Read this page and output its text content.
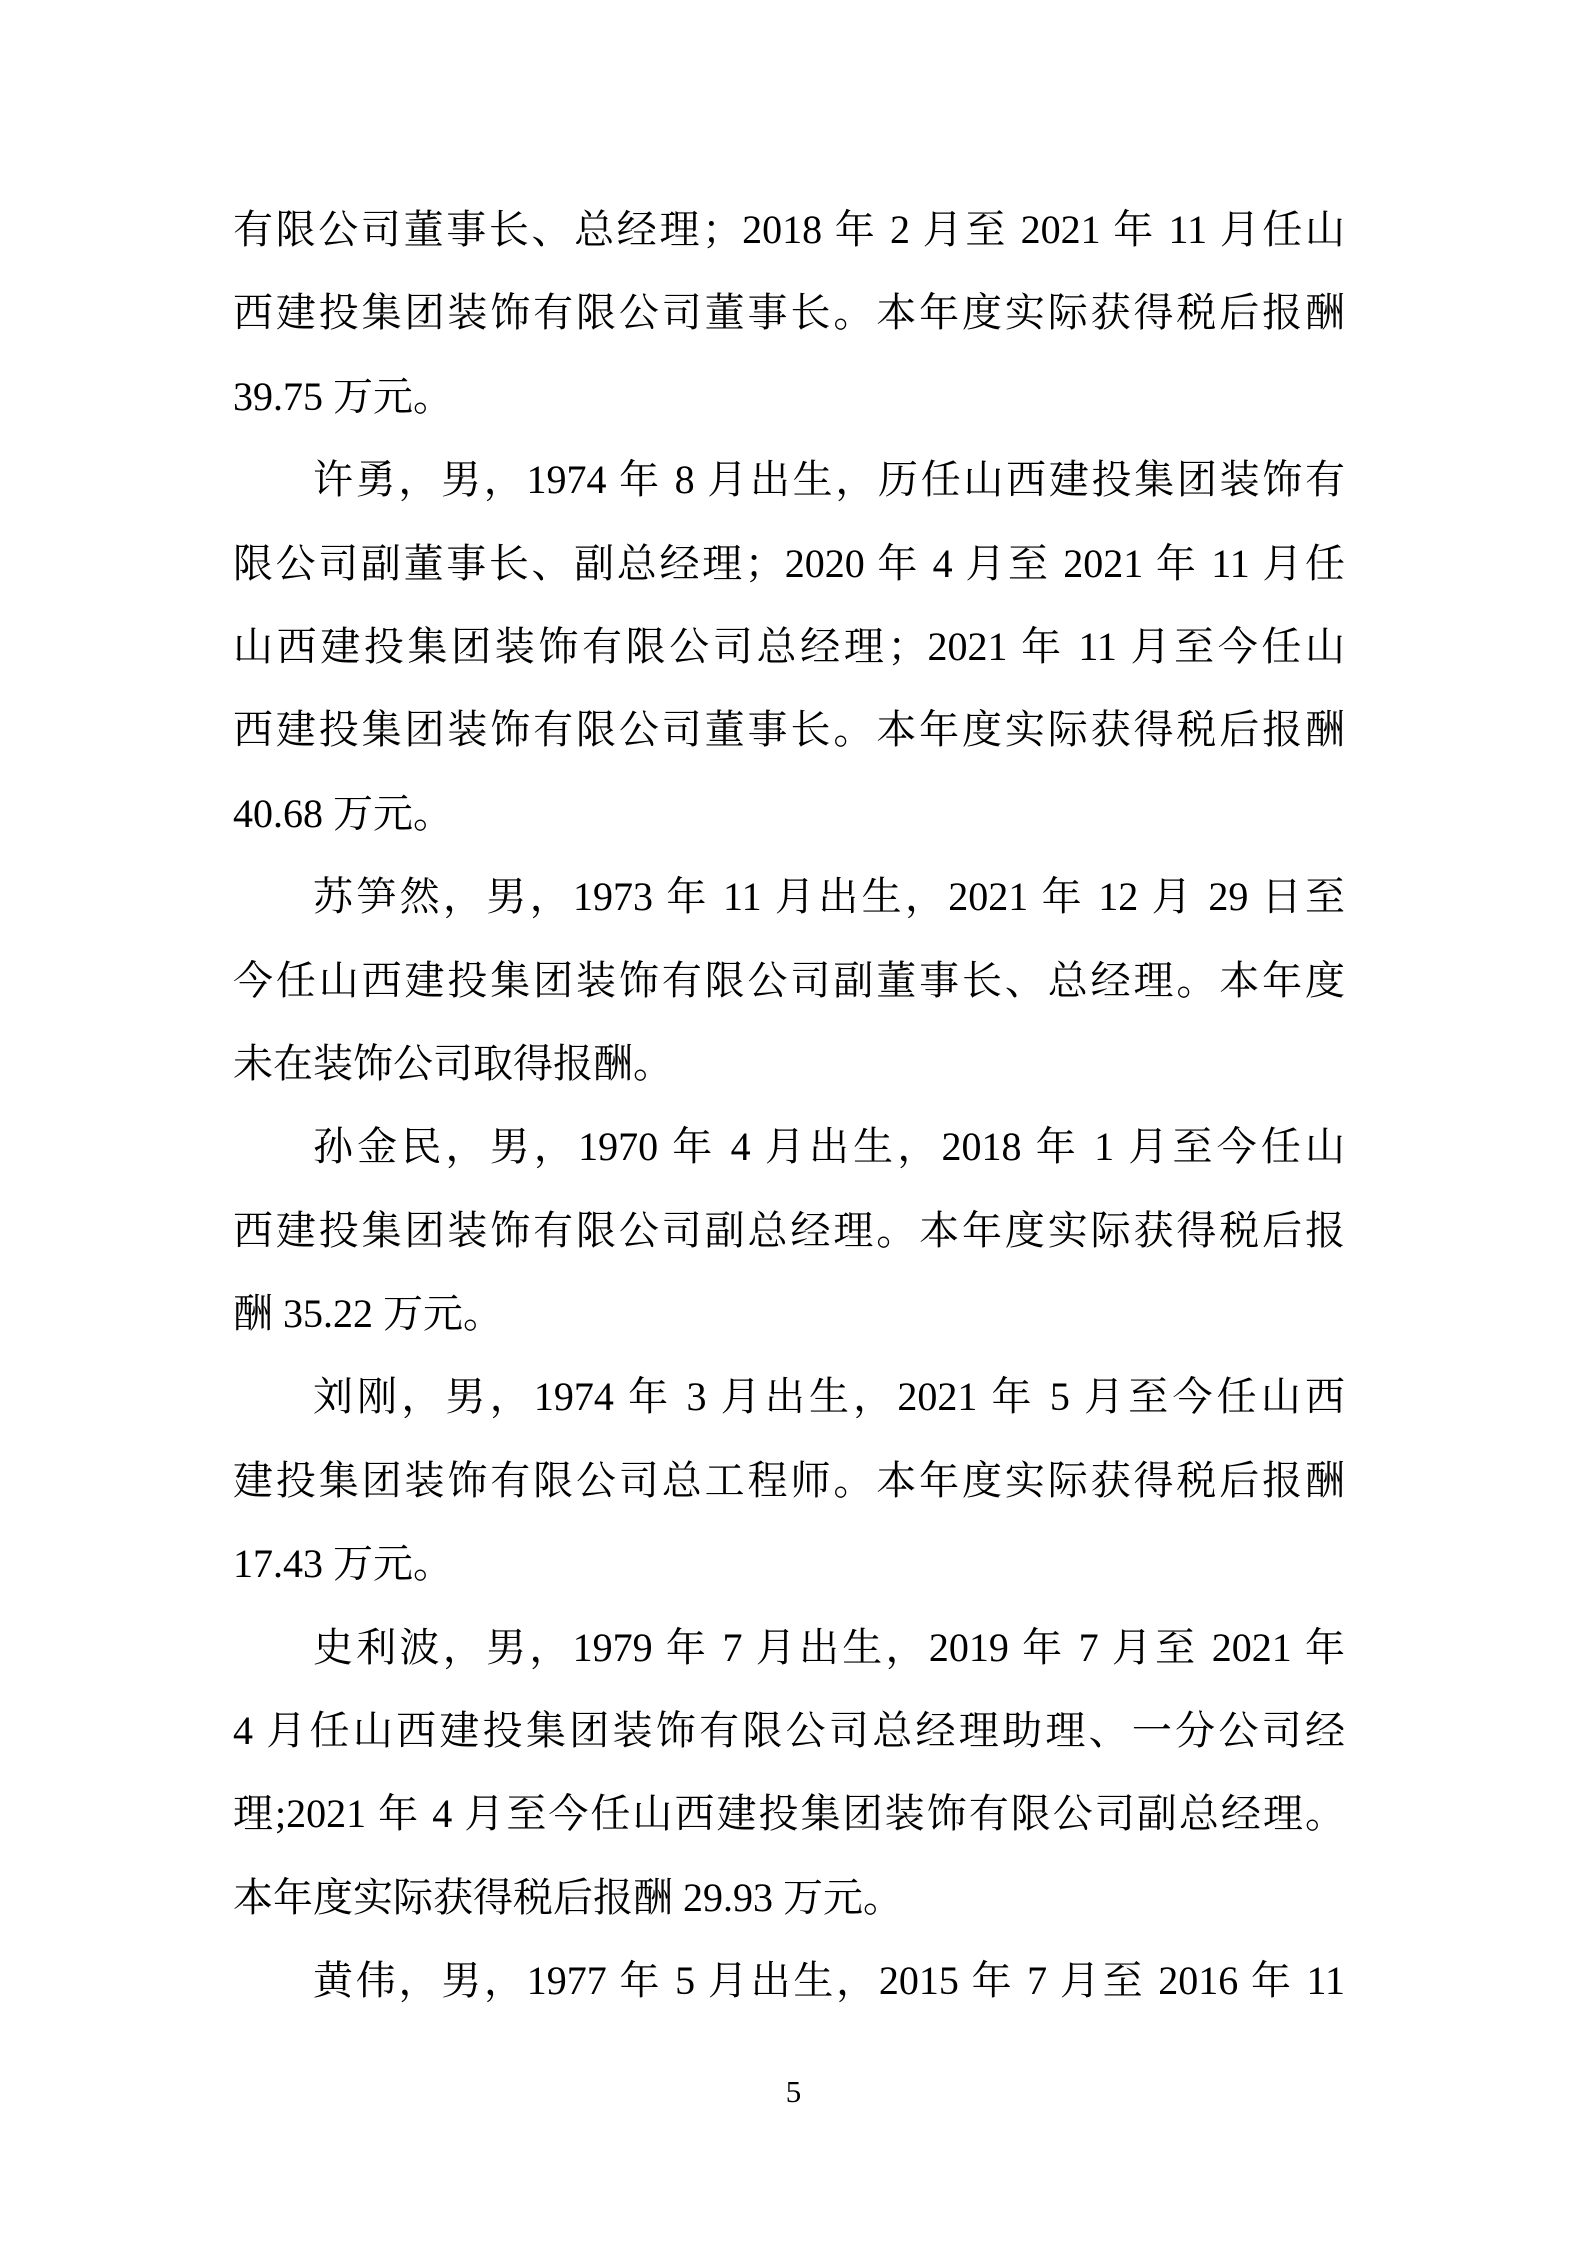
有限公司董事长、总经理；2018 年 2 月至 2021 年 11 月任山
西建投集团装饰有限公司董事长。本年度实际获得税后报酬
39.75 万元。
许勇，男，1974 年 8 月出生，历任山西建投集团装饰有
限公司副董事长、副总经理；2020 年 4 月至 2021 年 11 月任
山西建投集团装饰有限公司总经理；2021 年 11 月至今任山
西建投集团装饰有限公司董事长。本年度实际获得税后报酬
40.68 万元。
苏笋然，男，1973 年 11 月出生，2021 年 12 月 29 日至
今任山西建投集团装饰有限公司副董事长、总经理。本年度
未在装饰公司取得报酬。
孙金民，男，1970 年 4 月出生，2018 年 1 月至今任山
西建投集团装饰有限公司副总经理。本年度实际获得税后报
酬 35.22 万元。
刘刚，男，1974 年 3 月出生，2021 年 5 月至今任山西
建投集团装饰有限公司总工程师。本年度实际获得税后报酬
17.43 万元。
史利波，男，1979 年 7 月出生，2019 年 7 月至 2021 年
4 月任山西建投集团装饰有限公司总经理助理、一分公司经
理;2021 年 4 月至今任山西建投集团装饰有限公司副总经理。
本年度实际获得税后报酬 29.93 万元。
黄伟，男，1977 年 5 月出生，2015 年 7 月至 2016 年 11
5
